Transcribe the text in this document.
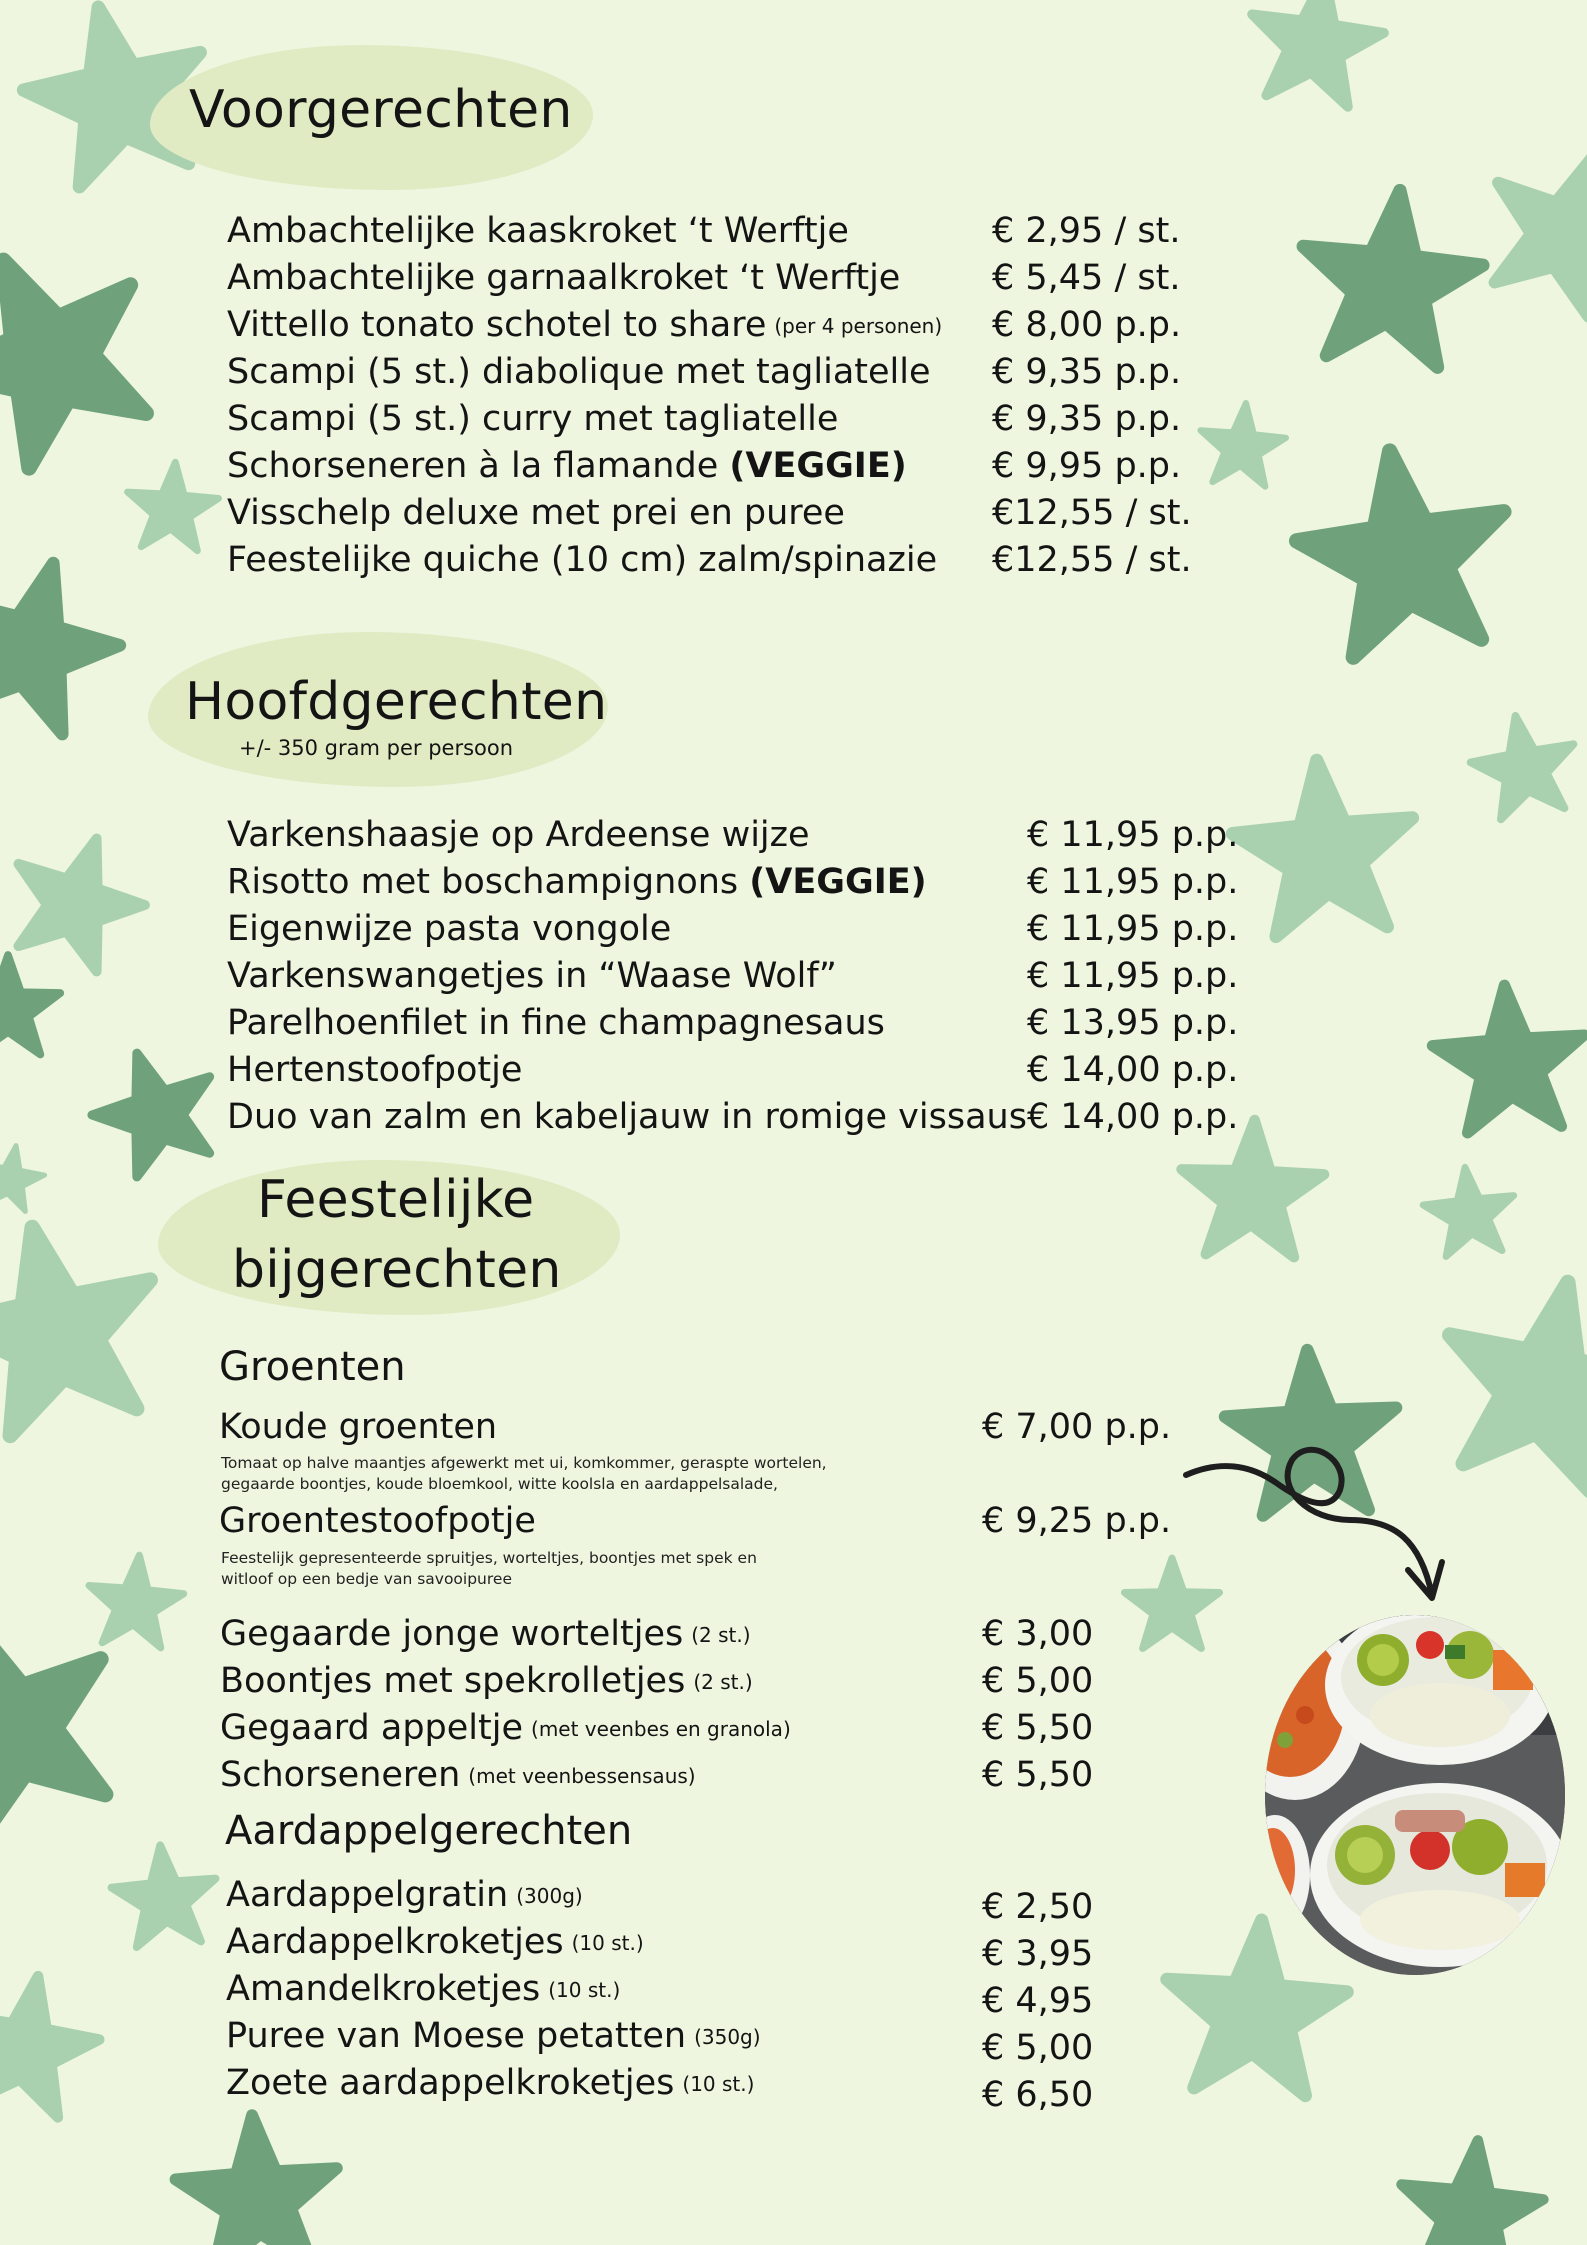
Voorgerechten
Ambachtelijke kaaskroket ‘t Werftje	€ 2,95 / st.
Ambachtelijke garnaalkroket ‘t Werftje	€ 5,45 / st.
Vittello tonato schotel to share (per 4 personen) € 8,00 p.p.
Scampi (5 st.) diabolique met tagliatelle € 9,35 p.p.
Scampi (5 st.) curry met tagliatelle	€ 9,35 p.p.
Schorseneren à la flamande (VEGGIE) € 9,95 p.p.
Visschelp deluxe met prei en puree	€12,55 / st.
Feestelijke quiche (10 cm) zalm/spinazie €12,55 / st.
Hoofdgerechten
+/- 350 gram per persoon
Varkenshaasje op Ardeense wijze	€ 11,95 p.p.
Risotto met boschampignons (VEGGIE)	€ 11,95 p.p.
Eigenwijze pasta vongole	€ 11,95 p.p.
Varkenswangetjes in “Waase Wolf”	€ 11,95 p.p.
Parelhoenfilet in fine champagnesaus	€ 13,95 p.p.
Hertenstoofpotje	€ 14,00 p.p.
Duo van zalm en kabeljauw in romige vissaus € 14,00 p.p.
Feestelijke
bijgerechten
Groenten
Koude groenten	€ 7,00 p.p.
Tomaat op halve maantjes afgewerkt met ui, komkommer, geraspte wortelen,
gegaarde boontjes, koude bloemkool, witte koolsla en aardappelsalade,
Groentestoofpotje	€ 9,25 p.p.
Feestelijk gepresenteerde spruitjes, worteltjes, boontjes met spek en
witloof op een bedje van savooipuree
Gegaarde jonge worteltjes (2 st.)	€ 3,00
Boontjes met spekrolletjes (2 st.)	€ 5,00
Gegaard appeltje (met veenbes en granola)	€ 5,50
Schorseneren (met veenbessensaus)	€ 5,50
Aardappelgerechten
Aardappelgratin (300g)	€ 2,50
Aardappelkroketjes (10 st.)	€ 3,95
Amandelkroketjes (10 st.)	€ 4,95
Puree van Moese petatten (350g)	€ 5,00
Zoete aardappelkroketjes (10 st.)	€ 6,50
